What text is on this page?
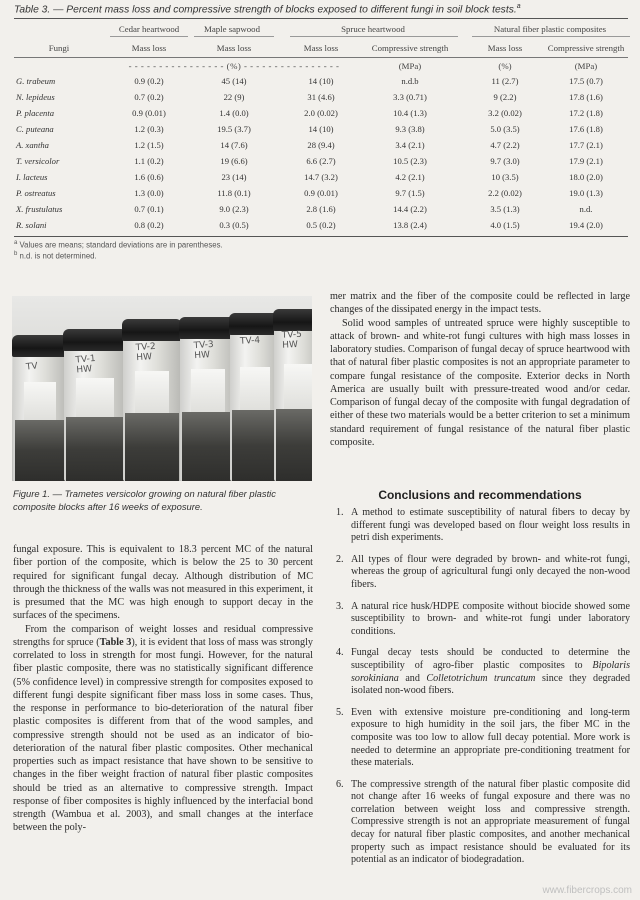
Table 3. — Percent mass loss and compressive strength of blocks exposed to different fungi in soil block tests.$^a$
Cedar heartwood	Maple sapwood	Spruce heartwood	Natural fiber plastic composites
Fungi	Mass loss	Mass loss	Mass loss	Compressive strength	Mass loss	Compressive strength
- - - - - - - - - - - - - - - - (%) - - - - - - - - - - - - - - - -	(MPa)	(%)	(MPa)
G. trabeum	0.9 (0.2)	45 (14)	14 (10)	n.d.b	11 (2.7)	17.5 (0.7)
N. lepideus	0.7 (0.2)	22 (9)	31 (4.6)	3.3 (0.71)	9 (2.2)	17.8 (1.6)
P. placenta	0.9 (0.01)	1.4 (0.0)	2.0 (0.02)	10.4 (1.3)	3.2 (0.02)	17.2 (1.8)
C. puteana	1.2 (0.3)	19.5 (3.7)	14 (10)	9.3 (3.8)	5.0 (3.5)	17.6 (1.8)
A. xantha	1.2 (1.5)	14 (7.6)	28 (9.4)	3.4 (2.1)	4.7 (2.2)	17.7 (2.1)
T. versicolor	1.1 (0.2)	19 (6.6)	6.6 (2.7)	10.5 (2.3)	9.7 (3.0)	17.9 (2.1)
I. lacteus	1.6 (0.6)	23 (14)	14.7 (3.2)	4.2 (2.1)	10 (3.5)	18.0 (2.0)
P. ostreatus	1.3 (0.0)	11.8 (0.1)	0.9 (0.01)	9.7 (1.5)	2.2 (0.02)	19.0 (1.3)
X. frustulatus	0.7 (0.1)	9.0 (2.3)	2.8 (1.6)	14.4 (2.2)	3.5 (1.3)	n.d.
R. solani	0.8 (0.2)	0.3 (0.5)	0.5 (0.2)	13.8 (2.4)	4.0 (1.5)	19.4 (2.0)
$^a$ Values are means; standard deviations are in parentheses.
$^b$ n.d. is not determined.
TV
TV-1 HW
TV-2 HW
TV-3 HW
TV-4
TV-5 HW
Figure 1. — Trametes versicolor growing on natural fiber plastic composite blocks after 16 weeks of exposure.

fungal exposure. This is equivalent to 18.3 percent MC of the natural fiber portion of the composite, which is below the 25 to 30 percent required for significant fungal decay. Although distribution of MC through the thickness of the walls was not measured in this experiment, it is presumed that the MC was high enough to support decay in the surfaces of the specimens.

From the comparison of weight losses and residual compressive strengths for spruce (Table 3), it is evident that loss of mass was strongly correlated to loss in strength for most fungi. However, for the natural fiber plastic composite, there was no statistically significant difference (5% confidence level) in compressive strength for composites exposed to different fungi despite significant fiber mass loss in some cases. Thus, the response in performance to bio-deterioration of the natural fiber plastic composites is different from that of the wood samples, and compressive strength should not be used as an indicator of bio-deterioration of the natural fiber plastic composites. Other mechanical properties such as impact resistance that have shown to be sensitive to changes in the fiber weight fraction of natural fiber plastic composites should be tried as an alternative to compressive strength. Impact response of fiber composites is highly influenced by the interfacial bond strength (Wambua et al. 2003), and small changes at the interface between the poly-

mer matrix and the fiber of the composite could be reflected in large changes of the dissipated energy in the impact tests.

Solid wood samples of untreated spruce were highly susceptible to attack of brown- and white-rot fungi cultures with high mass losses in laboratory studies. Comparison of fungal decay of spruce heartwood with that of natural fiber plastic composites is not an appropriate parameter to compare fungal resistance of the composite. Exterior decks in North America are usually built with pressure-treated wood and/or cedar. Comparison of fungal decay of the composite with fungal degradation of either of these two materials would be a better criterion to set a minimum standard requirement of fungal resistance of the natural fiber plastic composite.

Conclusions and recommendations
1. A method to estimate susceptibility of natural fibers to decay by different fungi was developed based on flour weight loss results in petri dish experiments.
2. All types of flour were degraded by brown- and white-rot fungi, whereas the group of agricultural fungi only decayed the non-wood fibers.
3. A natural rice husk/HDPE composite without biocide showed some susceptibility to brown- and white-rot fungi under laboratory conditions.
4. Fungal decay tests should be conducted to determine the susceptibility of agro-fiber plastic composites to Bipolaris sorokiniana and Colletotrichum truncatum since they degraded isolated non-wood fibers.
5. Even with extensive moisture pre-conditioning and long-term exposure to high humidity in the soil jars, the fiber MC in the composite was too low to allow full decay potential. More work is needed to determine an appropriate pre-conditioning treatment for these materials.
6. The compressive strength of the natural fiber plastic composite did not change after 16 weeks of fungal exposure and there was no correlation between weight loss and compressive strength. Compressive strength is not an appropriate measurement of fungal decay for natural fiber plastic composites, and another mechanical property such as impact resistance should be evaluated for its potential as an indicator of biodegradation.
www.fibercrops.com
